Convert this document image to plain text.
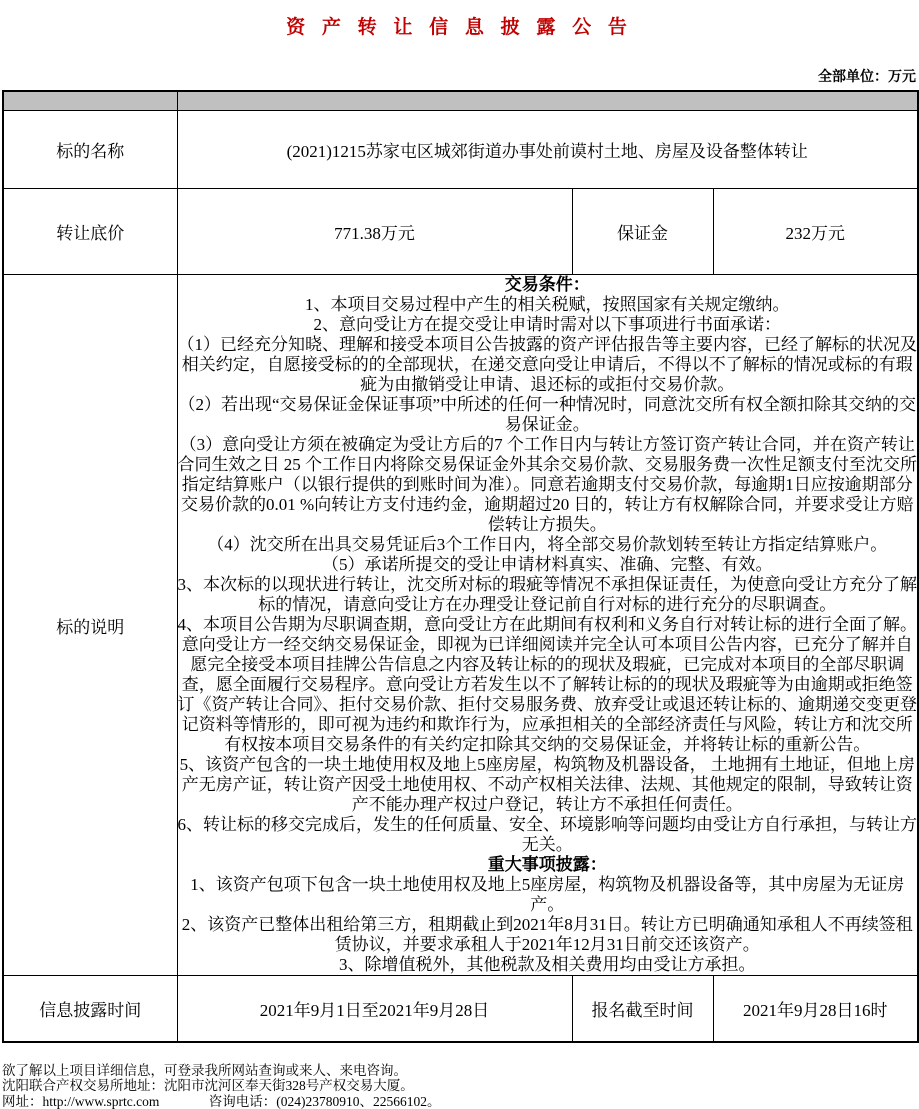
资 产 转 让 信 息 披 露 公 告
全部单位：万元

标的名称	(2021)1215苏家屯区城郊街道办事处前谟村土地、房屋及设备整体转让		
转让底价	771.38万元	保证金	232万元
标的说明	

交易条件：

1、本项目交易过程中产生的相关税赋，按照国家有关规定缴纳。

2、意向受让方在提交受让申请时需对以下事项进行书面承诺：

（1）已经充分知晓、理解和接受本项目公告披露的资产评估报告等主要内容，已经了解标的状况及相关约定，自愿接受标的的全部现状，在递交意向受让申请后，不得以不了解标的情况或标的有瑕疵为由撤销受让申请、退还标的或拒付交易价款。

（2）若出现“交易保证金保证事项”中所述的任何一种情况时，同意沈交所有权全额扣除其交纳的交易保证金。

（3）意向受让方须在被确定为受让方后的7 个工作日内与转让方签订资产转让合同，并在资产转让合同生效之日 25 个工作日内将除交易保证金外其余交易价款、交易服务费一次性足额支付至沈交所指定结算账户（以银行提供的到账时间为准）。同意若逾期支付交易价款，每逾期1日应按逾期部分交易价款的0.01 %向转让方支付违约金，逾期超过20 日的，转让方有权解除合同，并要求受让方赔偿转让方损失。

（4）沈交所在出具交易凭证后3个工作日内，将全部交易价款划转至转让方指定结算账户。

（5）承诺所提交的受让申请材料真实、准确、完整、有效。

3、本次标的以现状进行转让，沈交所对标的瑕疵等情况不承担保证责任，为使意向受让方充分了解标的情况，请意向受让方在办理受让登记前自行对标的进行充分的尽职调查。

4、本项目公告期为尽职调查期，意向受让方在此期间有权利和义务自行对转让标的进行全面了解。意向受让方一经交纳交易保证金，即视为已详细阅读并完全认可本项目公告内容，已充分了解并自愿完全接受本项目挂牌公告信息之内容及转让标的的现状及瑕疵，已完成对本项目的全部尽职调查，愿全面履行交易程序。意向受让方若发生以不了解转让标的的现状及瑕疵等为由逾期或拒绝签订《资产转让合同》、拒付交易价款、拒付交易服务费、放弃受让或退还转让标的、逾期递交变更登记资料等情形的，即可视为违约和欺诈行为，应承担相关的全部经济责任与风险，转让方和沈交所有权按本项目交易条件的有关约定扣除其交纳的交易保证金，并将转让标的重新公告。

5、该资产包含的一块土地使用权及地上5座房屋，构筑物及机器设备， 土地拥有土地证，但地上房产无房产证，转让资产因受土地使用权、不动产权相关法律、法规、其他规定的限制，导致转让资产不能办理产权过户登记，转让方不承担任何责任。

6、转让标的移交完成后，发生的任何质量、安全、环境影响等问题均由受让方自行承担，与转让方无关。

重大事项披露：

1、该资产包项下包含一块土地使用权及地上5座房屋，构筑物及机器设备等，其中房屋为无证房产。

2、该资产已整体出租给第三方，租期截止到2021年8月31日。转让方已明确通知承租人不再续签租赁协议，并要求承租人于2021年12月31日前交还该资产。

3、除增值税外，其他税款及相关费用均由受让方承担。

信息披露时间	2021年9月1日至2021年9月28日	报名截至时间	2021年9月28日16时
欲了解以上项目详细信息，可登录我所网站查询或来人、来电咨询。
沈阳联合产权交易所地址：沈阳市沈河区奉天街328号产权交易大厦。
网址：http://www.sprtc.com	咨询电话：(024)23780910、22566102。
